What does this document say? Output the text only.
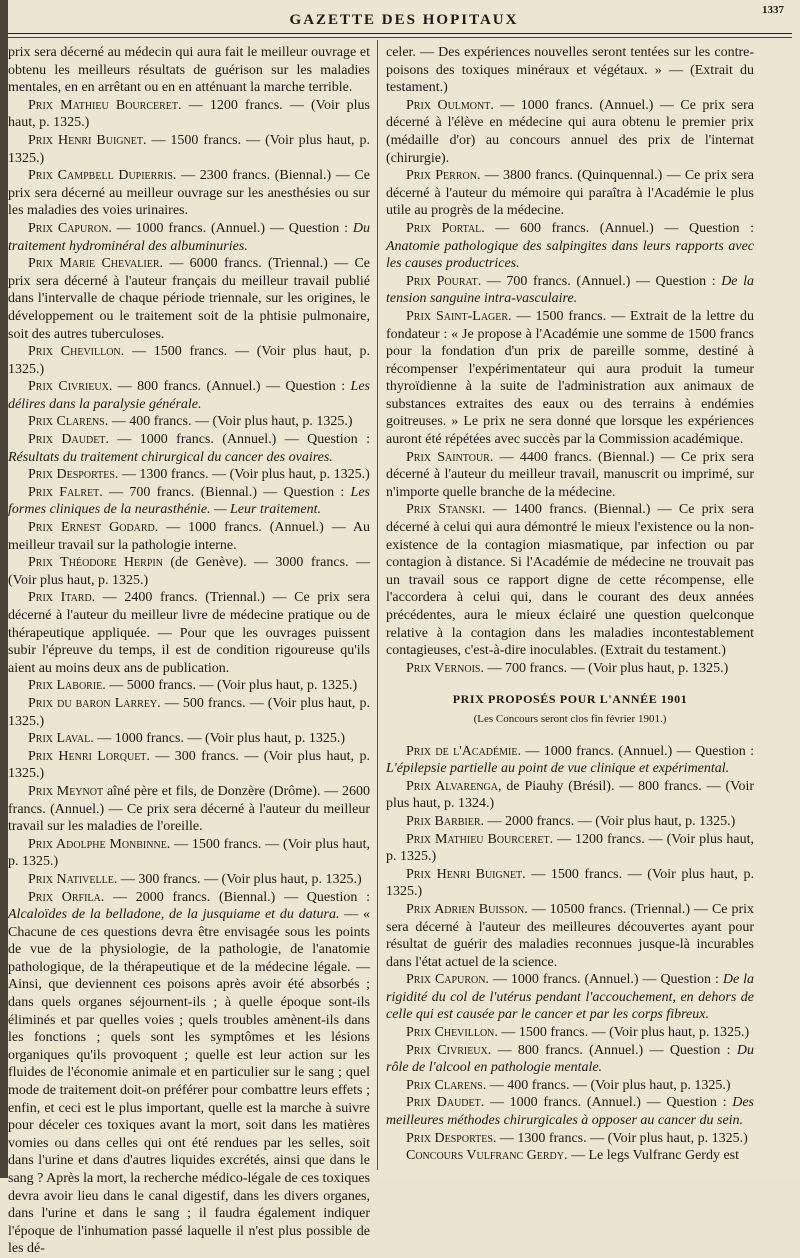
GAZETTE DES HOPITAUX
1337

prix sera décerné au médecin qui aura fait le meilleur ouvrage et obtenu les meilleurs résultats de guérison sur les maladies mentales, en en arrêtant ou en en atténuant la marche terrible.

Prix Mathieu Bourceret. — 1200 francs. — (Voir plus haut, p. 1325.)

Prix Henri Buignet. — 1500 francs. — (Voir plus haut, p. 1325.)

Prix Campbell Dupierris. — 2300 francs. (Biennal.) — Ce prix sera décerné au meilleur ouvrage sur les anesthésies ou sur les maladies des voies urinaires.

Prix Capuron. — 1000 francs. (Annuel.) — Question : Du traitement hydrominéral des albuminuries.

Prix Marie Chevalier. — 6000 francs. (Triennal.) — Ce prix sera décerné à l'auteur français du meilleur travail publié dans l'intervalle de chaque période triennale, sur les origines, le développement ou le traitement soit de la phtisie pulmonaire, soit des autres tuberculoses.

Prix Chevillon. — 1500 francs. — (Voir plus haut, p. 1325.)

Prix Civrieux. — 800 francs. (Annuel.) — Question : Les délires dans la paralysie générale.

Prix Clarens. — 400 francs. — (Voir plus haut, p. 1325.)

Prix Daudet. — 1000 francs. (Annuel.) — Question : Résultats du traitement chirurgical du cancer des ovaires.

Prix Desportes. — 1300 francs. — (Voir plus haut, p. 1325.)

Prix Falret. — 700 francs. (Biennal.) — Question : Les formes cliniques de la neurasthénie. — Leur traitement.

Prix Ernest Godard. — 1000 francs. (Annuel.) — Au meilleur travail sur la pathologie interne.

Prix Théodore Herpin (de Genève). — 3000 francs. — (Voir plus haut, p. 1325.)

Prix Itard. — 2400 francs. (Triennal.) — Ce prix sera décerné à l'auteur du meilleur livre de médecine pratique ou de thérapeutique appliquée. — Pour que les ouvrages puissent subir l'épreuve du temps, il est de condition rigoureuse qu'ils aient au moins deux ans de publication.

Prix Laborie. — 5000 francs. — (Voir plus haut, p. 1325.)

Prix du baron Larrey. — 500 francs. — (Voir plus haut, p. 1325.)

Prix Laval. — 1000 francs. — (Voir plus haut, p. 1325.)

Prix Henri Lorquet. — 300 francs. — (Voir plus haut, p. 1325.)

Prix Meynot aîné père et fils, de Donzère (Drôme). — 2600 francs. (Annuel.) — Ce prix sera décerné à l'auteur du meilleur travail sur les maladies de l'oreille.

Prix Adolphe Monbinne. — 1500 francs. — (Voir plus haut, p. 1325.)

Prix Nativelle. — 300 francs. — (Voir plus haut, p. 1325.)

Prix Orfila. — 2000 francs. (Biennal.) — Question : Alcaloïdes de la belladone, de la jusquiame et du datura. — « Chacune de ces questions devra être envisagée sous les points de vue de la physiologie, de la pathologie, de l'anatomie pathologique, de la thérapeutique et de la médecine légale. — Ainsi, que deviennent ces poisons après avoir été absorbés ; dans quels organes séjournent-ils ; à quelle époque sont-ils éliminés et par quelles voies ; quels troubles amènent-ils dans les fonctions ; quels sont les symptômes et les lésions organiques qu'ils provoquent ; quelle est leur action sur les fluides de l'économie animale et en particulier sur le sang ; quel mode de traitement doit-on préférer pour combattre leurs effets ; enfin, et ceci est le plus important, quelle est la marche à suivre pour déceler ces toxiques avant la mort, soit dans les matières vomies ou dans celles qui ont été rendues par les selles, soit dans l'urine et dans d'autres liquides excrétés, ainsi que dans le sang ? Après la mort, la recherche médico-légale de ces toxiques devra avoir lieu dans le canal digestif, dans les divers organes, dans l'urine et dans le sang ; il faudra également indiquer l'époque de l'inhumation passé laquelle il n'est plus possible de les dé-

celer. — Des expériences nouvelles seront tentées sur les contre-poisons des toxiques minéraux et végétaux. » — (Extrait du testament.)

Prix Oulmont. — 1000 francs. (Annuel.) — Ce prix sera décerné à l'élève en médecine qui aura obtenu le premier prix (médaille d'or) au concours annuel des prix de l'internat (chirurgie).

Prix Perron. — 3800 francs. (Quinquennal.) — Ce prix sera décerné à l'auteur du mémoire qui paraîtra à l'Académie le plus utile au progrès de la médecine.

Prix Portal. — 600 francs. (Annuel.) — Question : Anatomie pathologique des salpingites dans leurs rapports avec les causes productrices.

Prix Pourat. — 700 francs. (Annuel.) — Question : De la tension sanguine intra-vasculaire.

Prix Saint-Lager. — 1500 francs. — Extrait de la lettre du fondateur : « Je propose à l'Académie une somme de 1500 francs pour la fondation d'un prix de pareille somme, destiné à récompenser l'expérimentateur qui aura produit la tumeur thyroïdienne à la suite de l'administration aux animaux de substances extraites des eaux ou des terrains à endémies goitreuses. » Le prix ne sera donné que lorsque les expériences auront été répétées avec succès par la Commission académique.

Prix Saintour. — 4400 francs. (Biennal.) — Ce prix sera décerné à l'auteur du meilleur travail, manuscrit ou imprimé, sur n'importe quelle branche de la médecine.

Prix Stanski. — 1400 francs. (Biennal.) — Ce prix sera décerné à celui qui aura démontré le mieux l'existence ou la non-existence de la contagion miasmatique, par infection ou par contagion à distance. Si l'Académie de médecine ne trouvait pas un travail sous ce rapport digne de cette récompense, elle l'accordera à celui qui, dans le courant des deux années précédentes, aura le mieux éclairé une question quelconque relative à la contagion dans les maladies incontestablement contagieuses, c'est-à-dire inoculables. (Extrait du testament.)

Prix Vernois. — 700 francs. — (Voir plus haut, p. 1325.)

PRIX PROPOSÉS POUR L'ANNÉE 1901
(Les Concours seront clos fin février 1901.)

Prix de l'Académie. — 1000 francs. (Annuel.) — Question : L'épilepsie partielle au point de vue clinique et expérimental.

Prix Alvarenga, de Piauhy (Brésil). — 800 francs. — (Voir plus haut, p. 1324.)

Prix Barbier. — 2000 francs. — (Voir plus haut, p. 1325.)

Prix Mathieu Bourceret. — 1200 francs. — (Voir plus haut, p. 1325.)

Prix Henri Buignet. — 1500 francs. — (Voir plus haut, p. 1325.)

Prix Adrien Buisson. — 10500 francs. (Triennal.) — Ce prix sera décerné à l'auteur des meilleures découvertes ayant pour résultat de guérir des maladies reconnues jusque-là incurables dans l'état actuel de la science.

Prix Capuron. — 1000 francs. (Annuel.) — Question : De la rigidité du col de l'utérus pendant l'accouchement, en dehors de celle qui est causée par le cancer et par les corps fibreux.

Prix Chevillon. — 1500 francs. — (Voir plus haut, p. 1325.)

Prix Civrieux. — 800 francs. (Annuel.) — Question : Du rôle de l'alcool en pathologie mentale.

Prix Clarens. — 400 francs. — (Voir plus haut, p. 1325.)

Prix Daudet. — 1000 francs. (Annuel.) — Question : Des meilleures méthodes chirurgicales à opposer au cancer du sein.

Prix Desportes. — 1300 francs. — (Voir plus haut, p. 1325.)

Concours Vulfranc Gerdy. — Le legs Vulfranc Gerdy est
